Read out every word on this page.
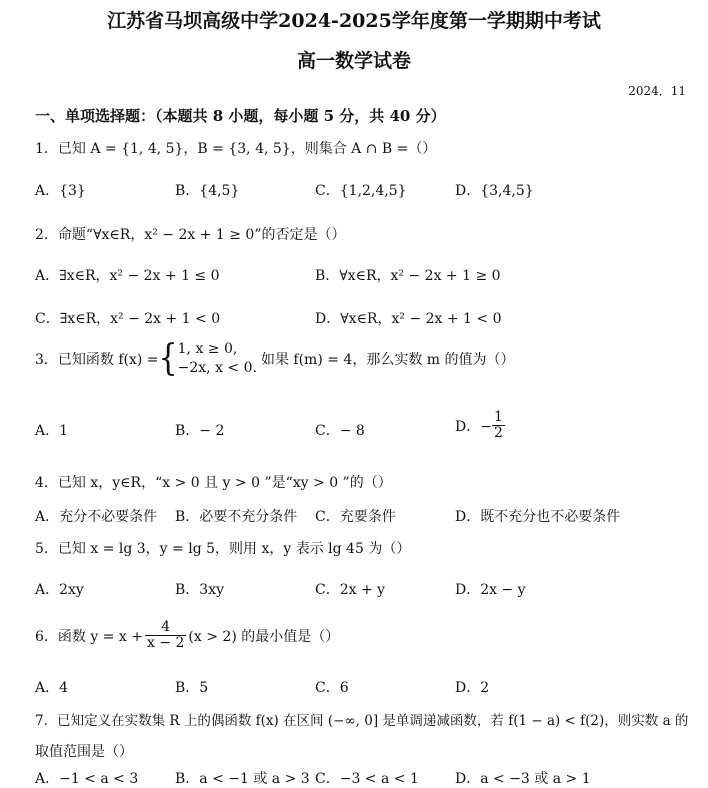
江苏省马坝高级中学2024-2025学年度第一学期期中考试
高一数学试卷
2024．11
一、单项选择题：（本题共 8 小题，每小题 5 分，共 40 分）
1．已知 A = {1, 4, 5}，B = {3, 4, 5}，则集合 A ∩ B =（）
A．{3}	B．{4,5}	C．{1,2,4,5}	D．{3,4,5}
2．命题“∀x∈R，x² − 2x + 1 ≥ 0”的否定是（）
A．∃x∈R，x² − 2x + 1 ≤ 0	B．∀x∈R，x² − 2x + 1 ≥ 0
C．∃x∈R，x² − 2x + 1 < 0	D．∀x∈R，x² − 2x + 1 < 0
3．已知函数 f(x) = { 1, x ≥ 0,
−2x, x < 0. 如果 f(m) = 4，那么实数 m 的值为（）
A．1	B．− 2	C．− 8	D．− $\frac{1}{2}$
4．已知 x，y∈R，“x > 0 且 y > 0 ”是“xy > 0 ”的（）
A．充分不必要条件 B．必要不充分条件 C．充要条件	D．既不充分也不必要条件
5．已知 x = lg 3，y = lg 5，则用 x，y 表示 lg 45 为（）
A．2xy	B．3xy	C．2x + y	D．2x − y
6．函数 $y = x + \frac{4}{x - 2} (x > 2)$ 的最小值是（）
A．4	B．5	C．6	D．2
7．已知定义在实数集 R 上的偶函数 f(x) 在区间 (−∞, 0] 是单调递减函数，若 f(1 − a) < f(2)，则实数 a 的
取值范围是（）
A．−1 < a < 3	B．a < −1 或 a > 3 C．−3 < a < 1	D．a < −3 或 a > 1
